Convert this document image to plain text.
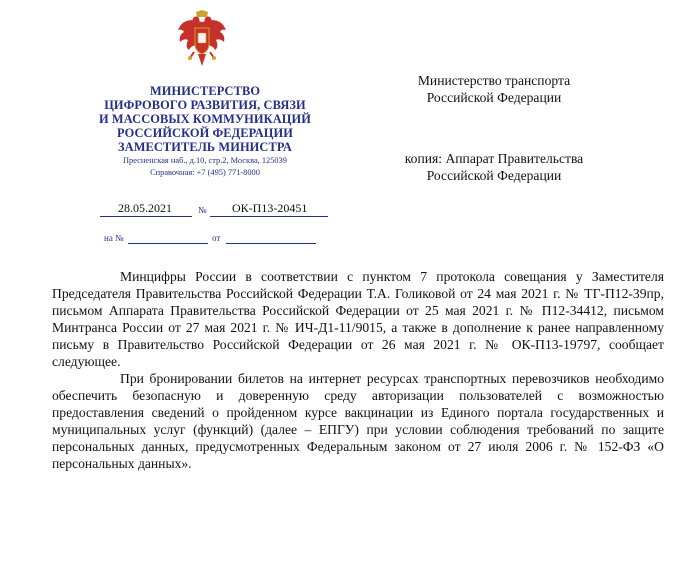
МИНИСТЕРСТВО
ЦИФРОВОГО РАЗВИТИЯ, СВЯЗИ
И МАССОВЫХ КОММУНИКАЦИЙ
РОССИЙСКОЙ ФЕДЕРАЦИИ
ЗАМЕСТИТЕЛЬ МИНИСТРА
Пресненская наб., д.10, стр.2, Москва, 125039
Справочная: +7 (495) 771-8000
28.05.2021	№ ОК-П13-20451
на №	от
Министерство транспорта
Российской Федерации
копия: Аппарат Правительства
Российской Федерации

Минцифры России в соответствии с пунктом 7 протокола совещания у Заместителя Председателя Правительства Российской Федерации Т.А. Голиковой от 24 мая 2021 г. № ТГ-П12-39пр, письмом Аппарата Правительства Российской Федерации от 25 мая 2021 г. № П12-34412, письмом Минтранса России от 27 мая 2021 г. № ИЧ-Д1-11/9015, а также в дополнение к ранее направленному письму в Правительство Российской Федерации от 26 мая 2021 г. № ОК-П13-19797, сообщает следующее.

При бронировании билетов на интернет ресурсах транспортных перевозчиков необходимо обеспечить безопасную и доверенную среду авторизации пользователей с возможностью предоставления сведений о пройденном курсе вакцинации из Единого портала государственных и муниципальных услуг (функций) (далее – ЕПГУ) при условии соблюдения требований по защите персональных данных, предусмотренных Федеральным законом от 27 июля 2006 г. № 152-ФЗ «О персональных данных».
